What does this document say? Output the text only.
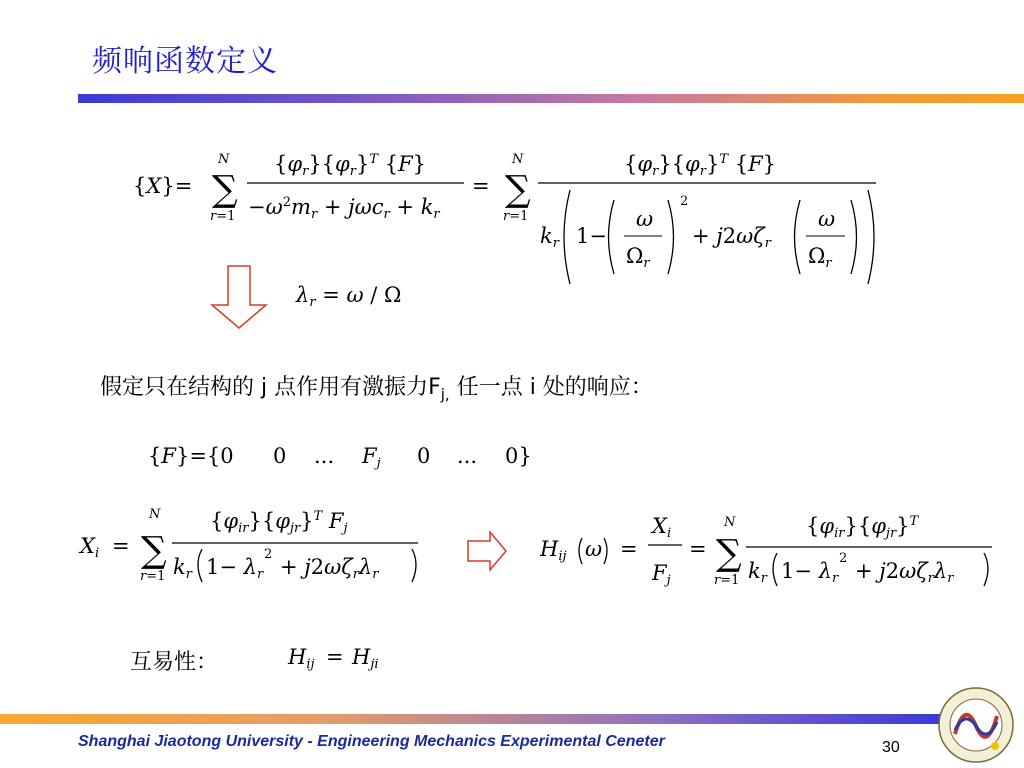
频响函数定义
{X}=
N
∑
r=1
$\{\varphi r\}\{\varphi r\}^T$ {F}
$-\omega^2mr + j\omega cr$ + kr
=
N
∑
r=1
$\{\varphi r\}\{\varphi r\}^T$ {F}
kr 1−
ω
Ωr
2
+ j2ωζr
ω
Ωr
λr = ω / Ω
{F}={0 0 ... Fj 0 ... 0}
Xi =
N
∑
r=1
$\{\varphi ir\}\{\varphi jr\}^T$ Fj
kr 1− λr
2
+ j2ωζrλr
Hij ω =
Xi
Fj
=
N
∑
r=1
$\{\varphi ir\}\{\varphi jr\}^T$
kr 1− λr
2
+ j2ωζrλr
Hij = Hji
假定只在结构的 j 点作用有激振力$F_{j,}$ 任一点 i 处的响应：
互易性：
Shanghai Jiaotong University - Engineering Mechanics Experimental Ceneter	30
